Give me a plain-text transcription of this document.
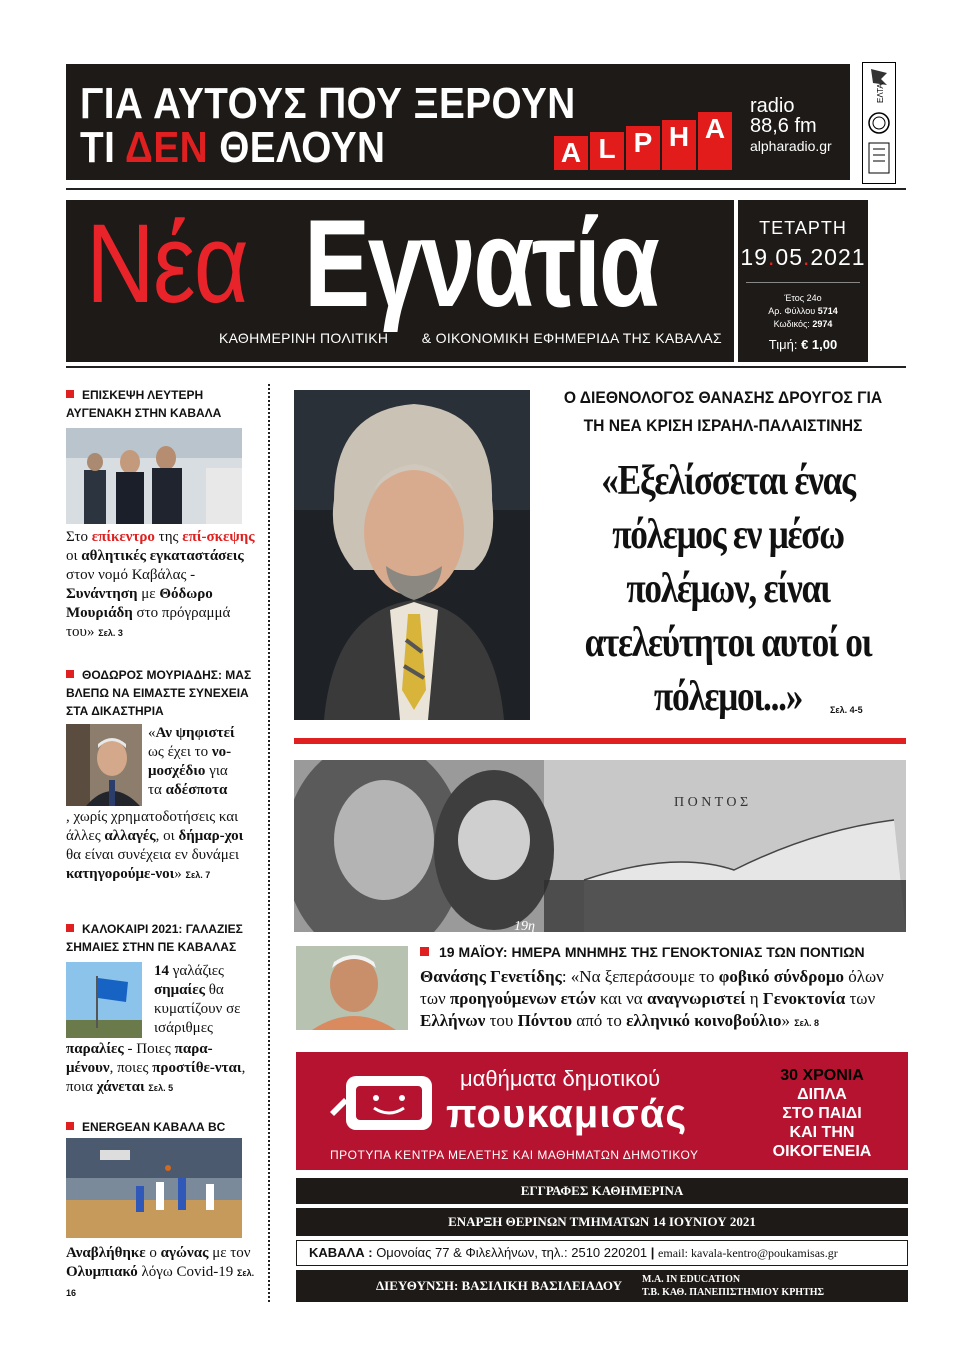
ΓΙΑ ΑΥΤΟΥΣ ΠΟΥ ΞΕΡΟΥΝ
ΤΙ ΔΕΝ ΘΕΛΟΥΝ	A L P H A
radio
88,6 fm
alpharadio.gr
ΕΛΤΑ
Νέα Εγνατία
ΚΑΘΗΜΕΡΙΝΗ ΠΟΛΙΤΙΚΗ & ΟΙΚΟΝΟΜΙΚΗ ΕΦΗΜΕΡΙΔΑ ΤΗΣ ΚΑΒΑΛΑΣ
ΤΕΤΑΡΤΗ
19.05.2021
Έτος 24ο
Αρ. Φύλλου 5714
Κωδικός: 2974
Τιμή: € 1,00
ΕΠΙΣΚΕΨΗ ΛΕΥΤΕΡΗ ΑΥΓΕΝΑΚΗ ΣΤΗΝ ΚΑΒΑΛΑ
Στο επίκεντρο της επί-σκεψης οι αθλητικές εγκαταστάσεις στον νομό Καβάλας - Συνάντηση με Θόδωρο Μουριάδη στο πρόγραμμά του» Σελ. 3
ΘΟΔΩΡΟΣ ΜΟΥΡΙΑΔΗΣ: ΜΑΣ ΒΛΕΠΩ ΝΑ ΕΙΜΑΣΤΕ ΣΥΝΕΧΕΙΑ ΣΤΑ ΔΙΚΑΣΤΗΡΙΑ
«Αν ψηφιστεί ως έχει το νο-μοσχέδιο για τα αδέσποτα
, χωρίς χρηματοδοτήσεις και άλλες αλλαγές, οι δήμαρ-χοι θα είναι συνέχεια εν δυνάμει κατηγορούμε-νοι» Σελ. 7
ΚΑΛΟΚΑΙΡΙ 2021: ΓΑΛΑΖΙΕΣ ΣΗΜΑΙΕΣ ΣΤΗΝ ΠΕ ΚΑΒΑΛΑΣ
14 γαλάζιες σημαίες θα κυματίζουν σε ισάριθμες
παραλίες - Ποιες παρα-μένουν, ποιες προστίθε-νται, ποια χάνεται Σελ. 5
ENERGEAN ΚΑΒΑΛΑ BC
Αναβλήθηκε ο αγώνας με τον Ολυμπιακό λόγω Covid-19 Σελ. 16
Ο ΔΙΕΘΝΟΛΟΓΟΣ ΘΑΝΑΣΗΣ ΔΡΟΥΓΟΣ ΓΙΑ
ΤΗ ΝΕΑ ΚΡΙΣΗ ΙΣΡΑΗΛ-ΠΑΛΑΙΣΤΙΝΗΣ
«Εξελίσσεται ένας πόλεμος εν μέσω πολέμων, είναι ατελεύτητοι αυτοί οι πόλεμοι...»	Σελ. 4-5
Π Ο Ν Τ Ο Σ
19η
19 ΜΑΪΟΥ: ΗΜΕΡΑ ΜΝΗΜΗΣ ΤΗΣ ΓΕΝΟΚΤΟΝΙΑΣ ΤΩΝ ΠΟΝΤΙΩΝ
Θανάσης Γενετίδης: «Να ξεπεράσουμε το φοβικό σύνδρομο όλων των προηγούμενων ετών και να αναγνωριστεί η Γενοκτονία των Ελλήνων του Πόντου από το ελληνικό κοινοβούλιο» Σελ. 8
μαθήματα δημοτικού
πουκαμισάς
ΠΡΟΤΥΠΑ ΚΕΝΤΡΑ ΜΕΛΕΤΗΣ ΚΑΙ ΜΑΘΗΜΑΤΩΝ ΔΗΜΟΤΙΚΟΥ
30 ΧΡΟΝΙΑ
ΔΙΠΛΑ
ΣΤΟ ΠΑΙΔΙ
ΚΑΙ ΤΗΝ
ΟΙΚΟΓΕΝΕΙΑ
ΕΓΓΡΑΦΕΣ ΚΑΘΗΜΕΡΙΝΑ
ΕΝΑΡΞΗ ΘΕΡΙΝΩΝ ΤΜΗΜΑΤΩΝ 14 ΙΟΥΝΙΟΥ 2021
ΚΑΒΑΛΑ : Ομονοίας 77 & Φιλελλήνων, τηλ.: 2510 220201 | email: kavala-kentro@poukamisas.gr
ΔΙΕΥΘΥΝΣΗ: ΒΑΣΙΛΙΚΗ ΒΑΣΙΛΕΙΑΔΟΥ Μ.Α. IN EDUCATION
Τ.Β. ΚΑΘ. ΠΑΝΕΠΙΣΤΗΜΙΟΥ ΚΡΗΤΗΣ
